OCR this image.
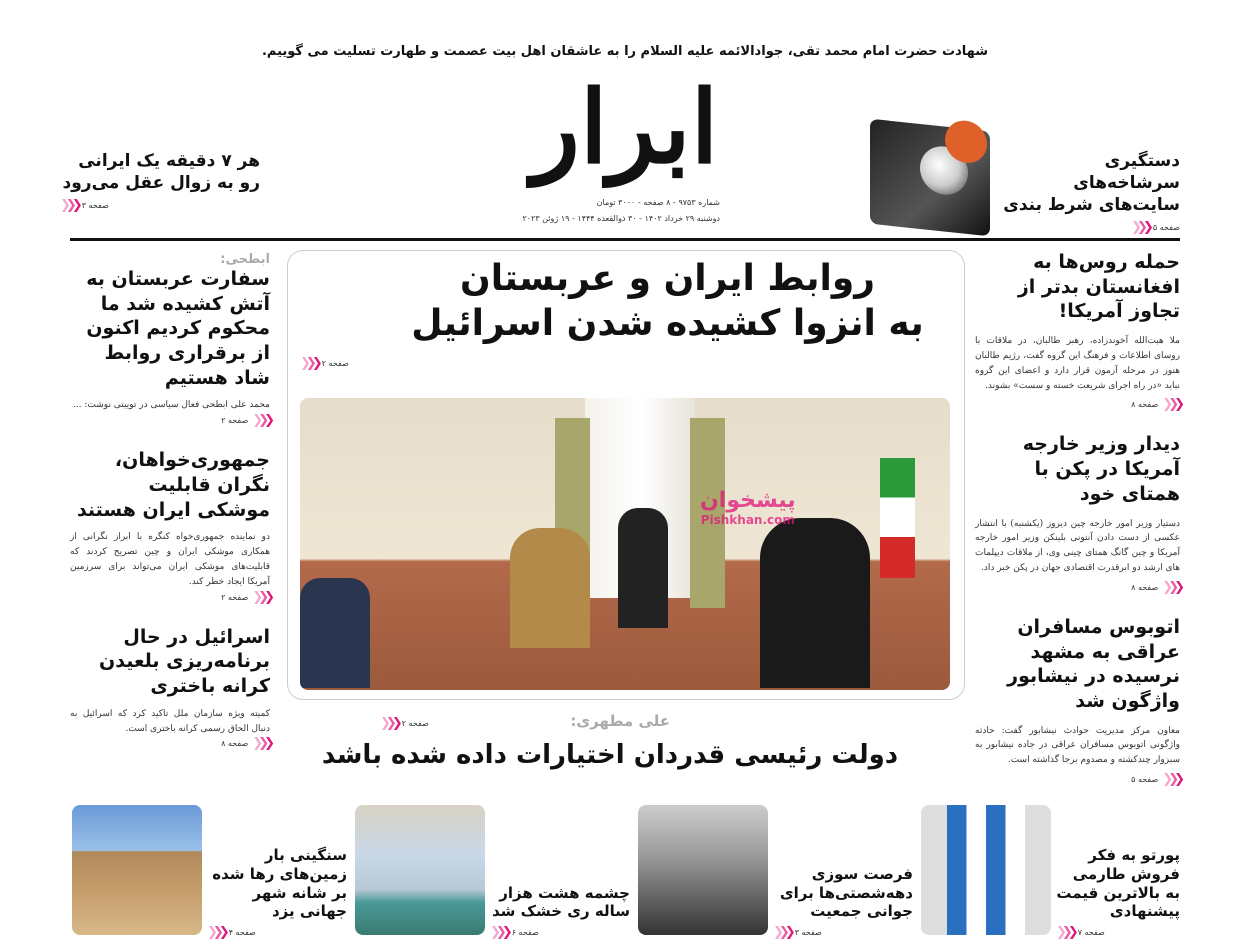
شهادت حضرت امام محمد تقی، جوادالائمه علیه السلام را به عاشقان اهل بیت عصمت و طهارت تسلیت می گوییم.
ابرار
شماره ۹۷۵۳ - ۸ صفحه - ۳۰۰۰ تومان
دوشنبه ۲۹ خرداد ۱۴۰۲ - ۳۰ ذوالقعده ۱۴۴۴ - ۱۹ ژوئن ۲۰۲۳
هر ۷ دقیقه یک ایرانی
رو به زوال عقل می‌رود
صفحه ۳
❮❮❮
دستگیری سرشاخه‌های
سایت‌های شرط بندی
صفحه ۵
❮❮❮
روابط ایران و عربستان
به انزوا کشیده شدن اسرائیل
صفحه ۲
❮❮❮
پیشخوان
Pishkhan.com
صفحه ۲
❮❮❮	علی مطهری:
دولت رئیسی قدردان اختیارات داده شده باشد
حمله روس‌ها به افغانستان بدتر از تجاوز آمریکا!
ملا هبت‌الله آخوندزاده، رهبر طالبان، در ملاقات با روسای اطلاعات و فرهنگ این گروه گفت، رژیم طالبان هنوز در مرحله آزمون قرار دارد و اعضای این گروه نباید «در راه اجرای شریعت خسته و سست» بشوند.
صفحه ۸	❮❮❮
دیدار وزیر خارجه آمریکا در پکن با همتای خود
دستیار وزیر امور خارجه چین دیروز (یکشنبه) با انتشار عکسی از دست دادن آنتونی بلینکن وزیر امور خارجه آمریکا و چین گانگ همتای چینی وی، از ملاقات دیپلمات های ارشد دو ابرقدرت اقتصادی جهان در پکن خبر داد.
صفحه ۸	❮❮❮
اتوبوس مسافران عراقی به مشهد نرسیده در نیشابور واژگون شد
معاون مرکز مدیریت حوادث نیشابور گفت: حادثه واژگونی اتوبوس مسافران عراقی در جاده نیشابور به سبزوار چندکشته و مصدوم برجا گذاشته است.
صفحه ۵	❮❮❮
ابطحی:
سفارت عربستان به آتش کشیده شد ما محکوم کردیم اکنون از برقراری روابط شاد هستیم
محمد علی ابطحی فعال سیاسی در توییتی نوشت: ...
صفحه ۲	❮❮❮
جمهوری‌خواهان، نگران قابلیت موشکی ایران هستند
دو نماینده جمهوری‌خواه کنگره با ابراز نگرانی از همکاری موشکی ایران و چین تصریح کردند که قابلیت‌های موشکی ایران می‌تواند برای سرزمین آمریکا ایجاد خطر کند.
صفحه ۲	❮❮❮
اسرائیل در حال برنامه‌ریزی بلعیدن کرانه باختری
کمیته ویژه سازمان ملل تاکید کرد که اسرائیل به دنبال الحاق رسمی کرانه باختری است.
صفحه ۸	❮❮❮
پورتو به فکر فروش طارمی به بالاترین قیمت پیشنهادی
صفحه ۷
❮❮❮
فرصت سوزی دهه‌شصتی‌ها برای جوانی جمعیت
صفحه ۳
❮❮❮
چشمه هشت هزار ساله ری خشک شد
صفحه ۶
❮❮❮
سنگینی بار زمین‌های رها شده بر شانه شهر جهانی یزد
صفحه ۴
❮❮❮
